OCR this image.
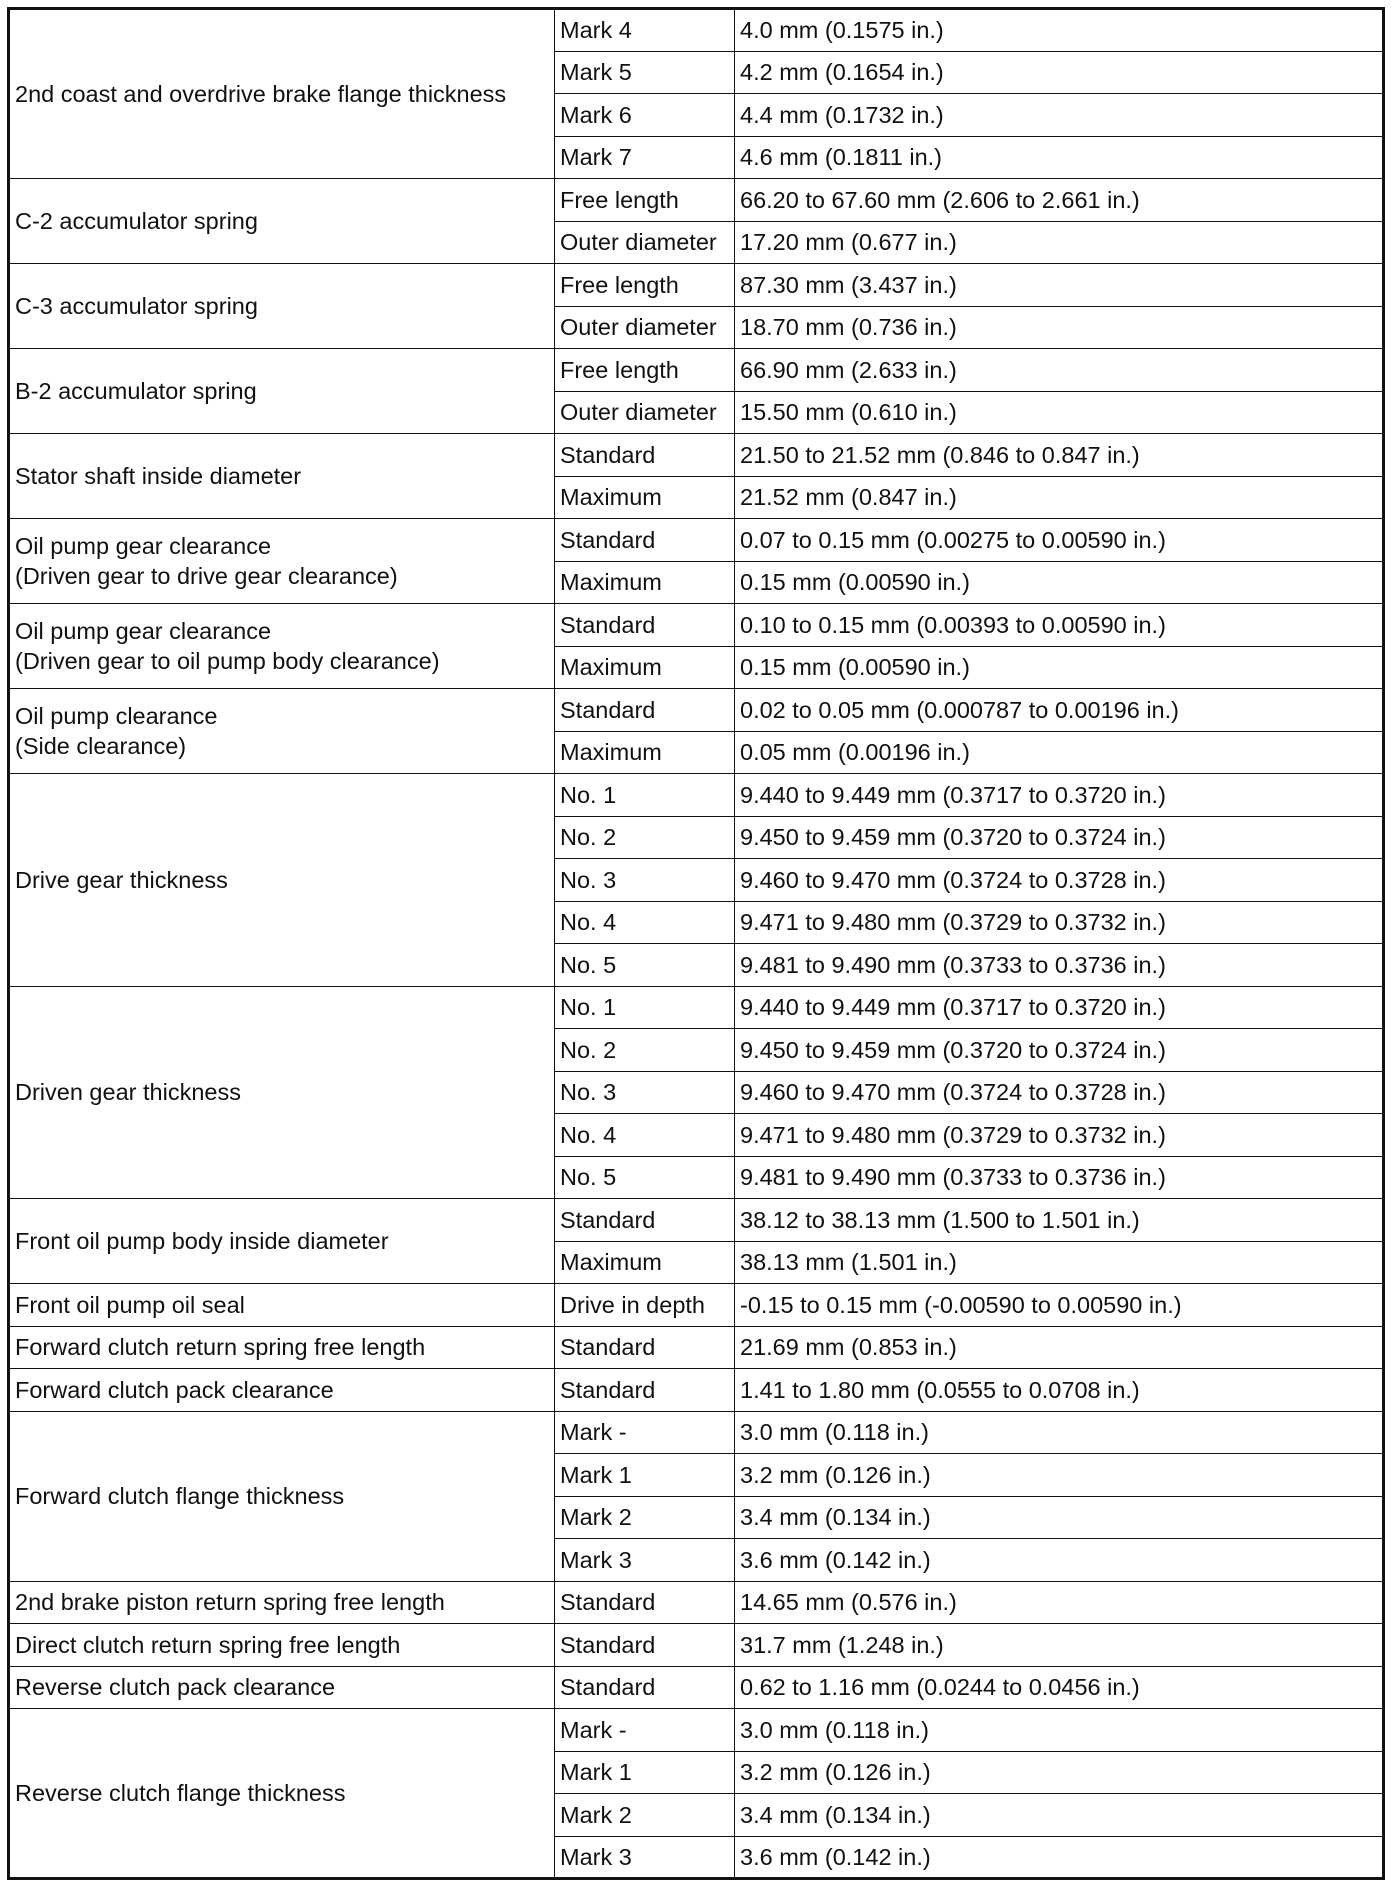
2nd coast and overdrive brake flange thickness	Mark 4	4.0 mm (0.1575 in.)
	Mark 5	4.2 mm (0.1654 in.)
	Mark 6	4.4 mm (0.1732 in.)
	Mark 7	4.6 mm (0.1811 in.)
C-2 accumulator spring	Free length	66.20 to 67.60 mm (2.606 to 2.661 in.)
	Outer diameter	17.20 mm (0.677 in.)
C-3 accumulator spring	Free length	87.30 mm (3.437 in.)
	Outer diameter	18.70 mm (0.736 in.)
B-2 accumulator spring	Free length	66.90 mm (2.633 in.)
	Outer diameter	15.50 mm (0.610 in.)
Stator shaft inside diameter	Standard	21.50 to 21.52 mm (0.846 to 0.847 in.)
	Maximum	21.52 mm (0.847 in.)
Oil pump gear clearance
(Driven gear to drive gear clearance)	Standard	0.07 to 0.15 mm (0.00275 to 0.00590 in.)
	Maximum	0.15 mm (0.00590 in.)
Oil pump gear clearance
(Driven gear to oil pump body clearance)	Standard	0.10 to 0.15 mm (0.00393 to 0.00590 in.)
	Maximum	0.15 mm (0.00590 in.)
Oil pump clearance
(Side clearance)	Standard	0.02 to 0.05 mm (0.000787 to 0.00196 in.)
	Maximum	0.05 mm (0.00196 in.)
Drive gear thickness	No. 1	9.440 to 9.449 mm (0.3717 to 0.3720 in.)
	No. 2	9.450 to 9.459 mm (0.3720 to 0.3724 in.)
	No. 3	9.460 to 9.470 mm (0.3724 to 0.3728 in.)
	No. 4	9.471 to 9.480 mm (0.3729 to 0.3732 in.)
	No. 5	9.481 to 9.490 mm (0.3733 to 0.3736 in.)
Driven gear thickness	No. 1	9.440 to 9.449 mm (0.3717 to 0.3720 in.)
	No. 2	9.450 to 9.459 mm (0.3720 to 0.3724 in.)
	No. 3	9.460 to 9.470 mm (0.3724 to 0.3728 in.)
	No. 4	9.471 to 9.480 mm (0.3729 to 0.3732 in.)
	No. 5	9.481 to 9.490 mm (0.3733 to 0.3736 in.)
Front oil pump body inside diameter	Standard	38.12 to 38.13 mm (1.500 to 1.501 in.)
	Maximum	38.13 mm (1.501 in.)
Front oil pump oil seal	Drive in depth	-0.15 to 0.15 mm (-0.00590 to 0.00590 in.)
Forward clutch return spring free length	Standard	21.69 mm (0.853 in.)
Forward clutch pack clearance	Standard	1.41 to 1.80 mm (0.0555 to 0.0708 in.)
Forward clutch flange thickness	Mark -	3.0 mm (0.118 in.)
	Mark 1	3.2 mm (0.126 in.)
	Mark 2	3.4 mm (0.134 in.)
	Mark 3	3.6 mm (0.142 in.)
2nd brake piston return spring free length	Standard	14.65 mm (0.576 in.)
Direct clutch return spring free length	Standard	31.7 mm (1.248 in.)
Reverse clutch pack clearance	Standard	0.62 to 1.16 mm (0.0244 to 0.0456 in.)
Reverse clutch flange thickness	Mark -	3.0 mm (0.118 in.)
	Mark 1	3.2 mm (0.126 in.)
	Mark 2	3.4 mm (0.134 in.)
	Mark 3	3.6 mm (0.142 in.)
